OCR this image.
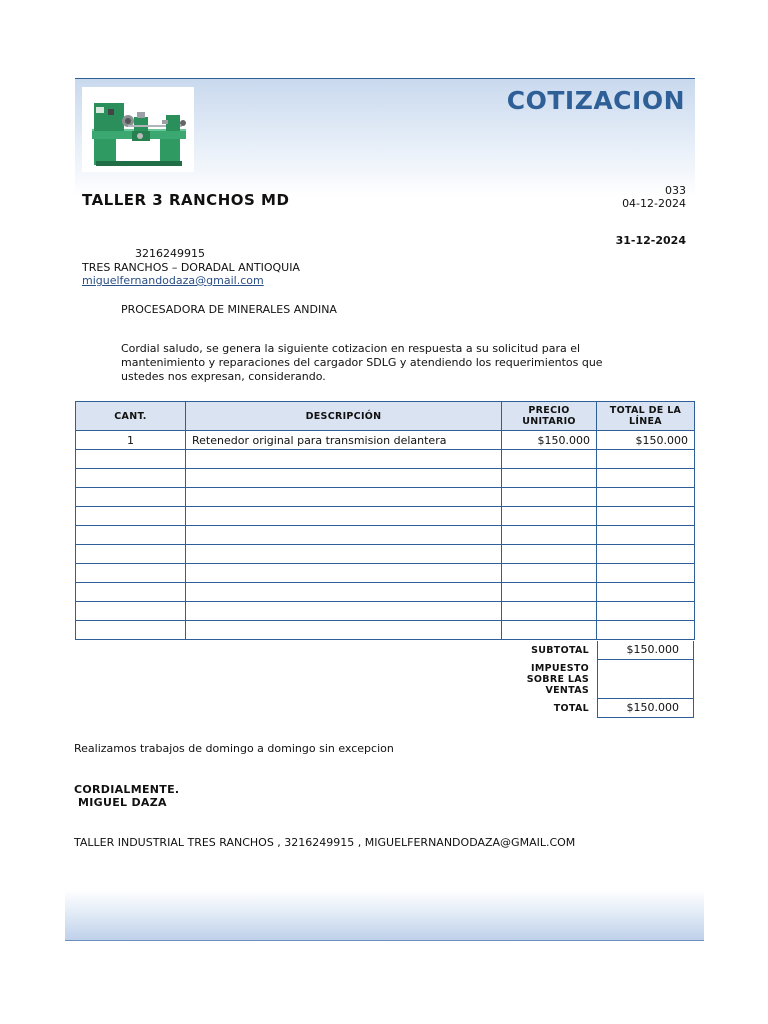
COTIZACION
TALLER 3 RANCHOS MD
033
04-12-2024
31-12-2024
3216249915
TRES RANCHOS – DORADAL ANTIOQUIA
miguelfernandodaza@gmail.com
PROCESADORA DE MINERALES ANDINA
Cordial saludo, se genera la siguiente cotizacion en respuesta a su solicitud para el mantenimiento y reparaciones del cargador SDLG y atendiendo los requerimientos que ustedes nos expresan, considerando.
CANT.	DESCRIPCIÓN	PRECIO UNITARIO	TOTAL DE LA LÍNEA
1	Retenedor original para transmision delantera	$150.000	$150.000

SUBTOTAL	$150.000
IMPUESTO SOBRE LAS VENTAS
TOTAL	$150.000
Realizamos trabajos de domingo a domingo sin excepcion
CORDIALMENTE.
MIGUEL DAZA
TALLER INDUSTRIAL TRES RANCHOS , 3216249915 , MIGUELFERNANDODAZA@GMAIL.COM
